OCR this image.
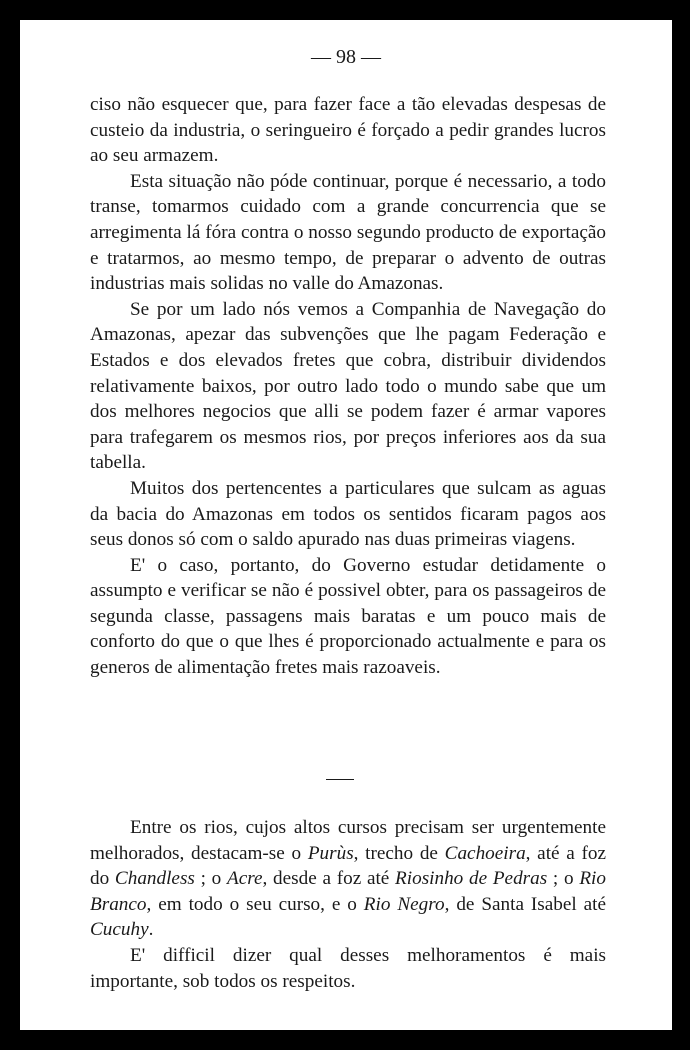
— 98 —

ciso não esquecer que, para fazer face a tão elevadas despesas de custeio da industria, o seringueiro é forçado a pedir grandes lucros ao seu armazem.

Esta situação não póde continuar, porque é necessario, a todo transe, tomarmos cuidado com a grande concurrencia que se arregimenta lá fóra contra o nosso segundo producto de exportação e tratarmos, ao mesmo tempo, de preparar o advento de outras industrias mais solidas no valle do Amazonas.

Se por um lado nós vemos a Companhia de Navegação do Amazonas, apezar das subvenções que lhe pagam Federação e Estados e dos elevados fretes que cobra, distribuir dividendos relativamente baixos, por outro lado todo o mundo sabe que um dos melhores negocios que alli se podem fazer é armar vapores para trafegarem os mesmos rios, por preços inferiores aos da sua tabella.

Muitos dos pertencentes a particulares que sulcam as aguas da bacia do Amazonas em todos os sentidos ficaram pagos aos seus donos só com o saldo apurado nas duas primeiras viagens.

E' o caso, portanto, do Governo estudar detidamente o assumpto e verificar se não é possivel obter, para os passageiros de segunda classe, passagens mais baratas e um pouco mais de conforto do que o que lhes é proporcionado actualmente e para os generos de alimentação fretes mais razoaveis.

Entre os rios, cujos altos cursos precisam ser urgentemente melhorados, destacam-se o Purùs, trecho de Cachoeira, até a foz do Chandless ; o Acre, desde a foz até Riosinho de Pedras ; o Rio Branco, em todo o seu curso, e o Rio Negro, de Santa Isabel até Cucuhy.

E' difficil dizer qual desses melhoramentos é mais importante, sob todos os respeitos.
